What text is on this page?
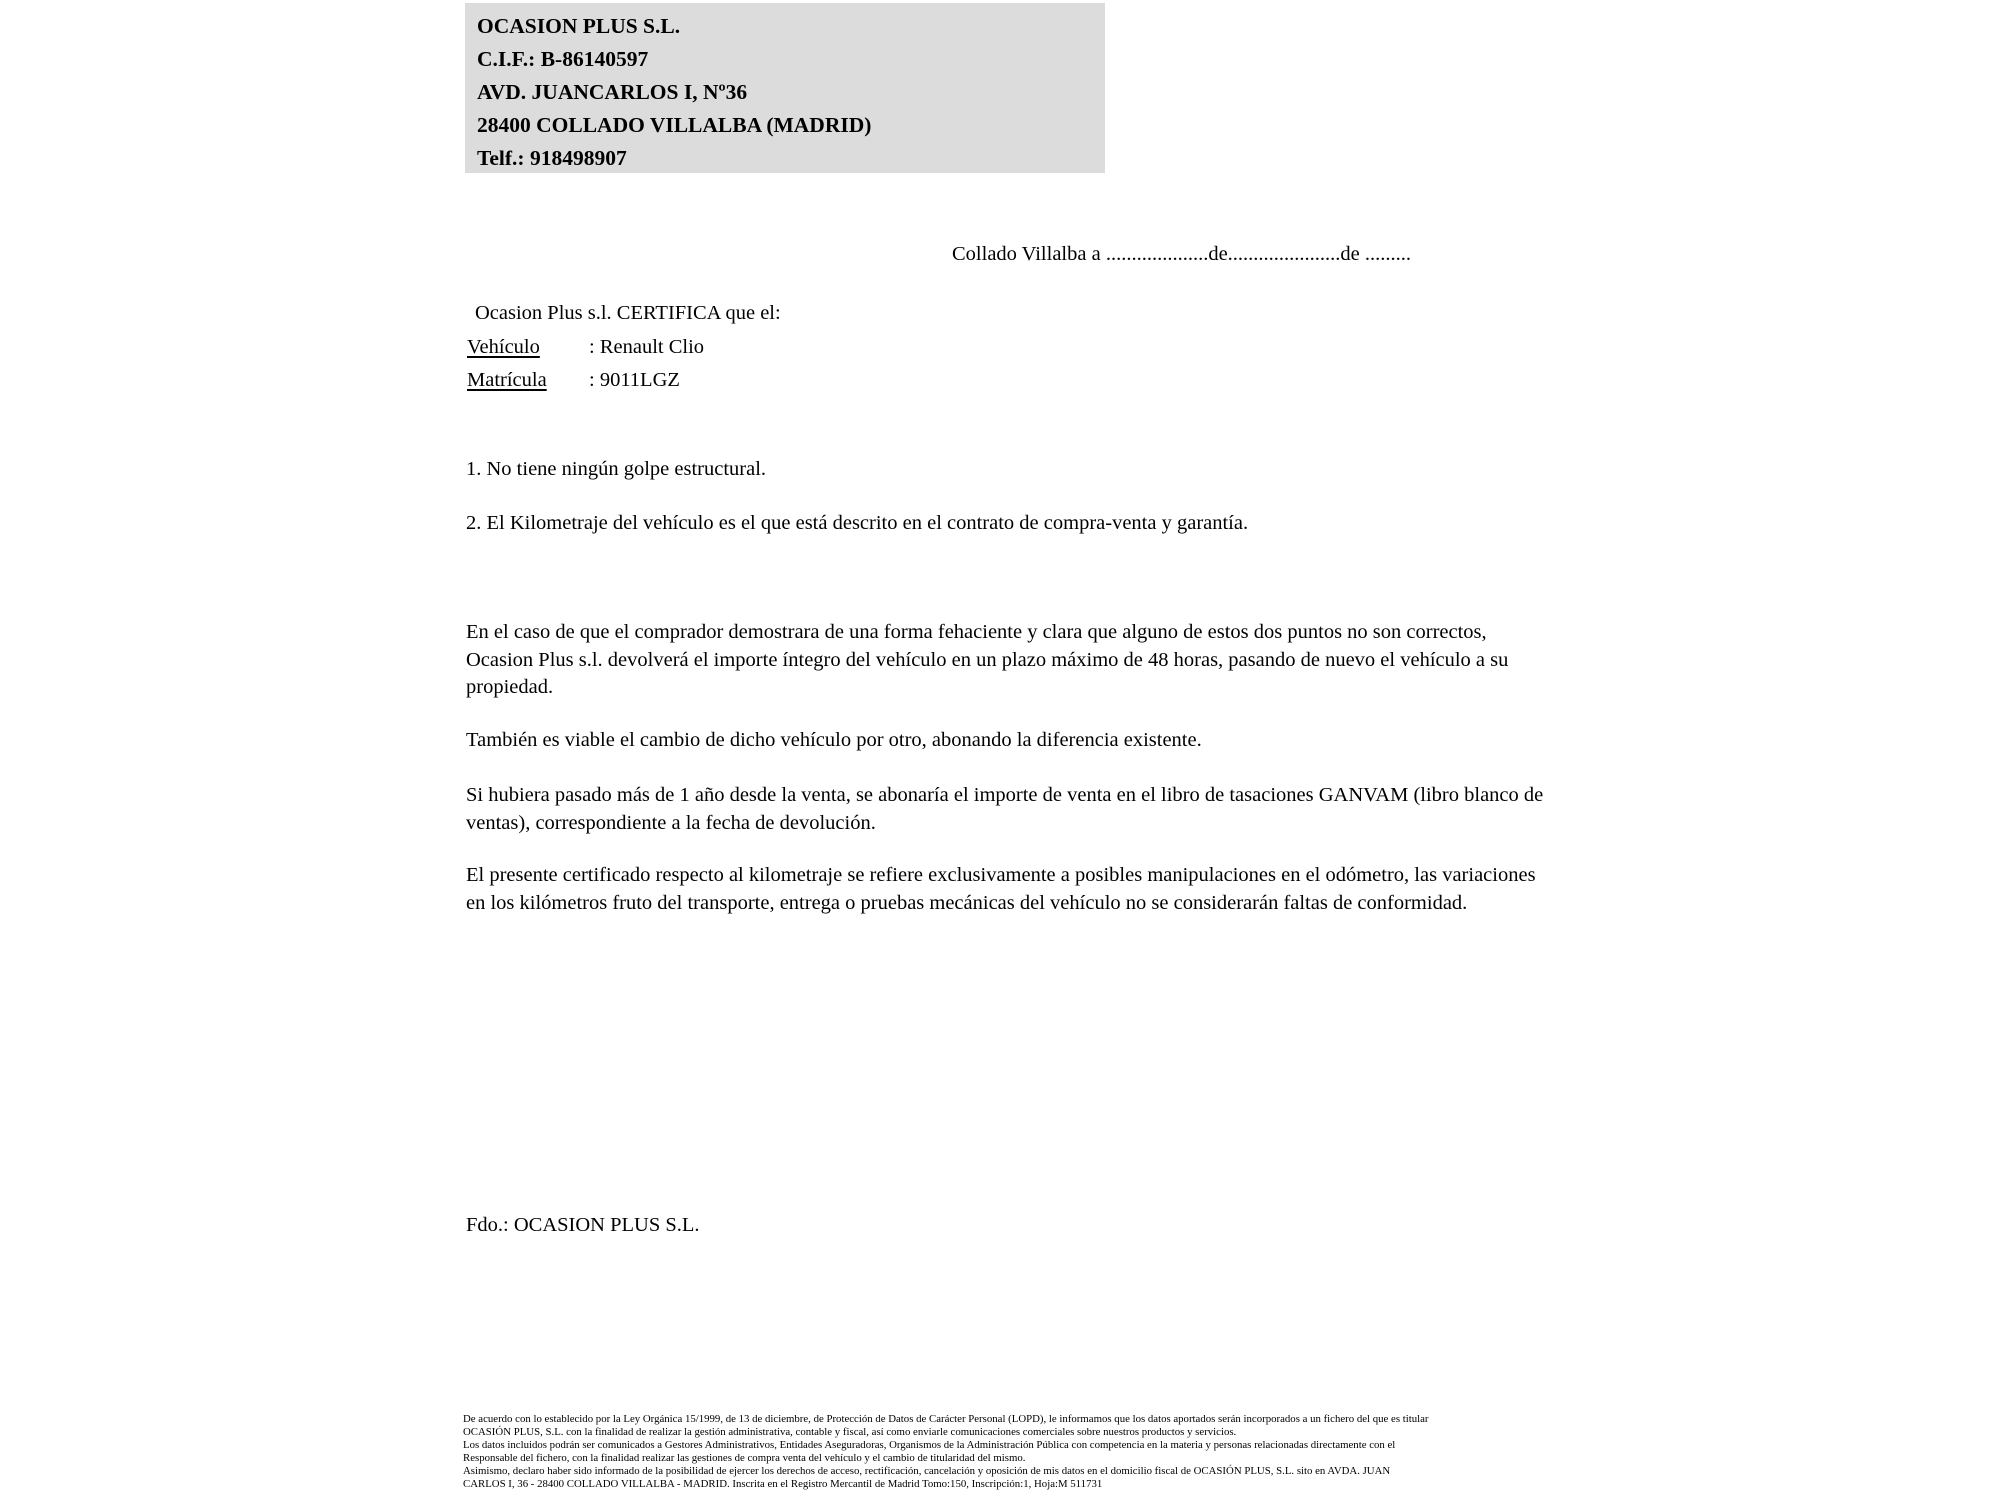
OCASION PLUS S.L.
C.I.F.: B-86140597
AVD. JUANCARLOS I, Nº36
28400 COLLADO VILLALBA (MADRID)
Telf.: 918498907
Collado Villalba a ....................de......................de .........
Ocasion Plus s.l. CERTIFICA que el:
Vehículo : Renault Clio
Matrícula : 9011LGZ
1. No tiene ningún golpe estructural.
2. El Kilometraje del vehículo es el que está descrito en el contrato de compra-venta y garantía.
En el caso de que el comprador demostrara de una forma fehaciente y clara que alguno de estos dos puntos no son correctos, Ocasion Plus s.l. devolverá el importe íntegro del vehículo en un plazo máximo de 48 horas, pasando de nuevo el vehículo a su propiedad.
También es viable el cambio de dicho vehículo por otro, abonando la diferencia existente.
Si hubiera pasado más de 1 año desde la venta, se abonaría el importe de venta en el libro de tasaciones GANVAM (libro blanco de ventas), correspondiente a la fecha de devolución.
El presente certificado respecto al kilometraje se refiere exclusivamente a posibles manipulaciones en el odómetro, las variaciones en los kilómetros fruto del transporte, entrega o pruebas mecánicas del vehículo no se considerarán faltas de conformidad.
Fdo.: OCASION PLUS S.L.
De acuerdo con lo establecido por la Ley Orgánica 15/1999, de 13 de diciembre, de Protección de Datos de Carácter Personal (LOPD), le informamos que los datos aportados serán incorporados a un fichero del que es titular
OCASIÓN PLUS, S.L. con la finalidad de realizar la gestión administrativa, contable y fiscal, así como enviarle comunicaciones comerciales sobre nuestros productos y servicios.
Los datos incluidos podrán ser comunicados a Gestores Administrativos, Entidades Aseguradoras, Organismos de la Administración Pública con competencia en la materia y personas relacionadas directamente con el
Responsable del fichero, con la finalidad realizar las gestiones de compra venta del vehículo y el cambio de titularidad del mismo.
Asimismo, declaro haber sido informado de la posibilidad de ejercer los derechos de acceso, rectificación, cancelación y oposición de mis datos en el domicilio fiscal de OCASIÓN PLUS, S.L. sito en AVDA. JUAN
CARLOS I, 36 - 28400 COLLADO VILLALBA - MADRID. Inscrita en el Registro Mercantil de Madrid Tomo:150, Inscripción:1, Hoja:M 511731
